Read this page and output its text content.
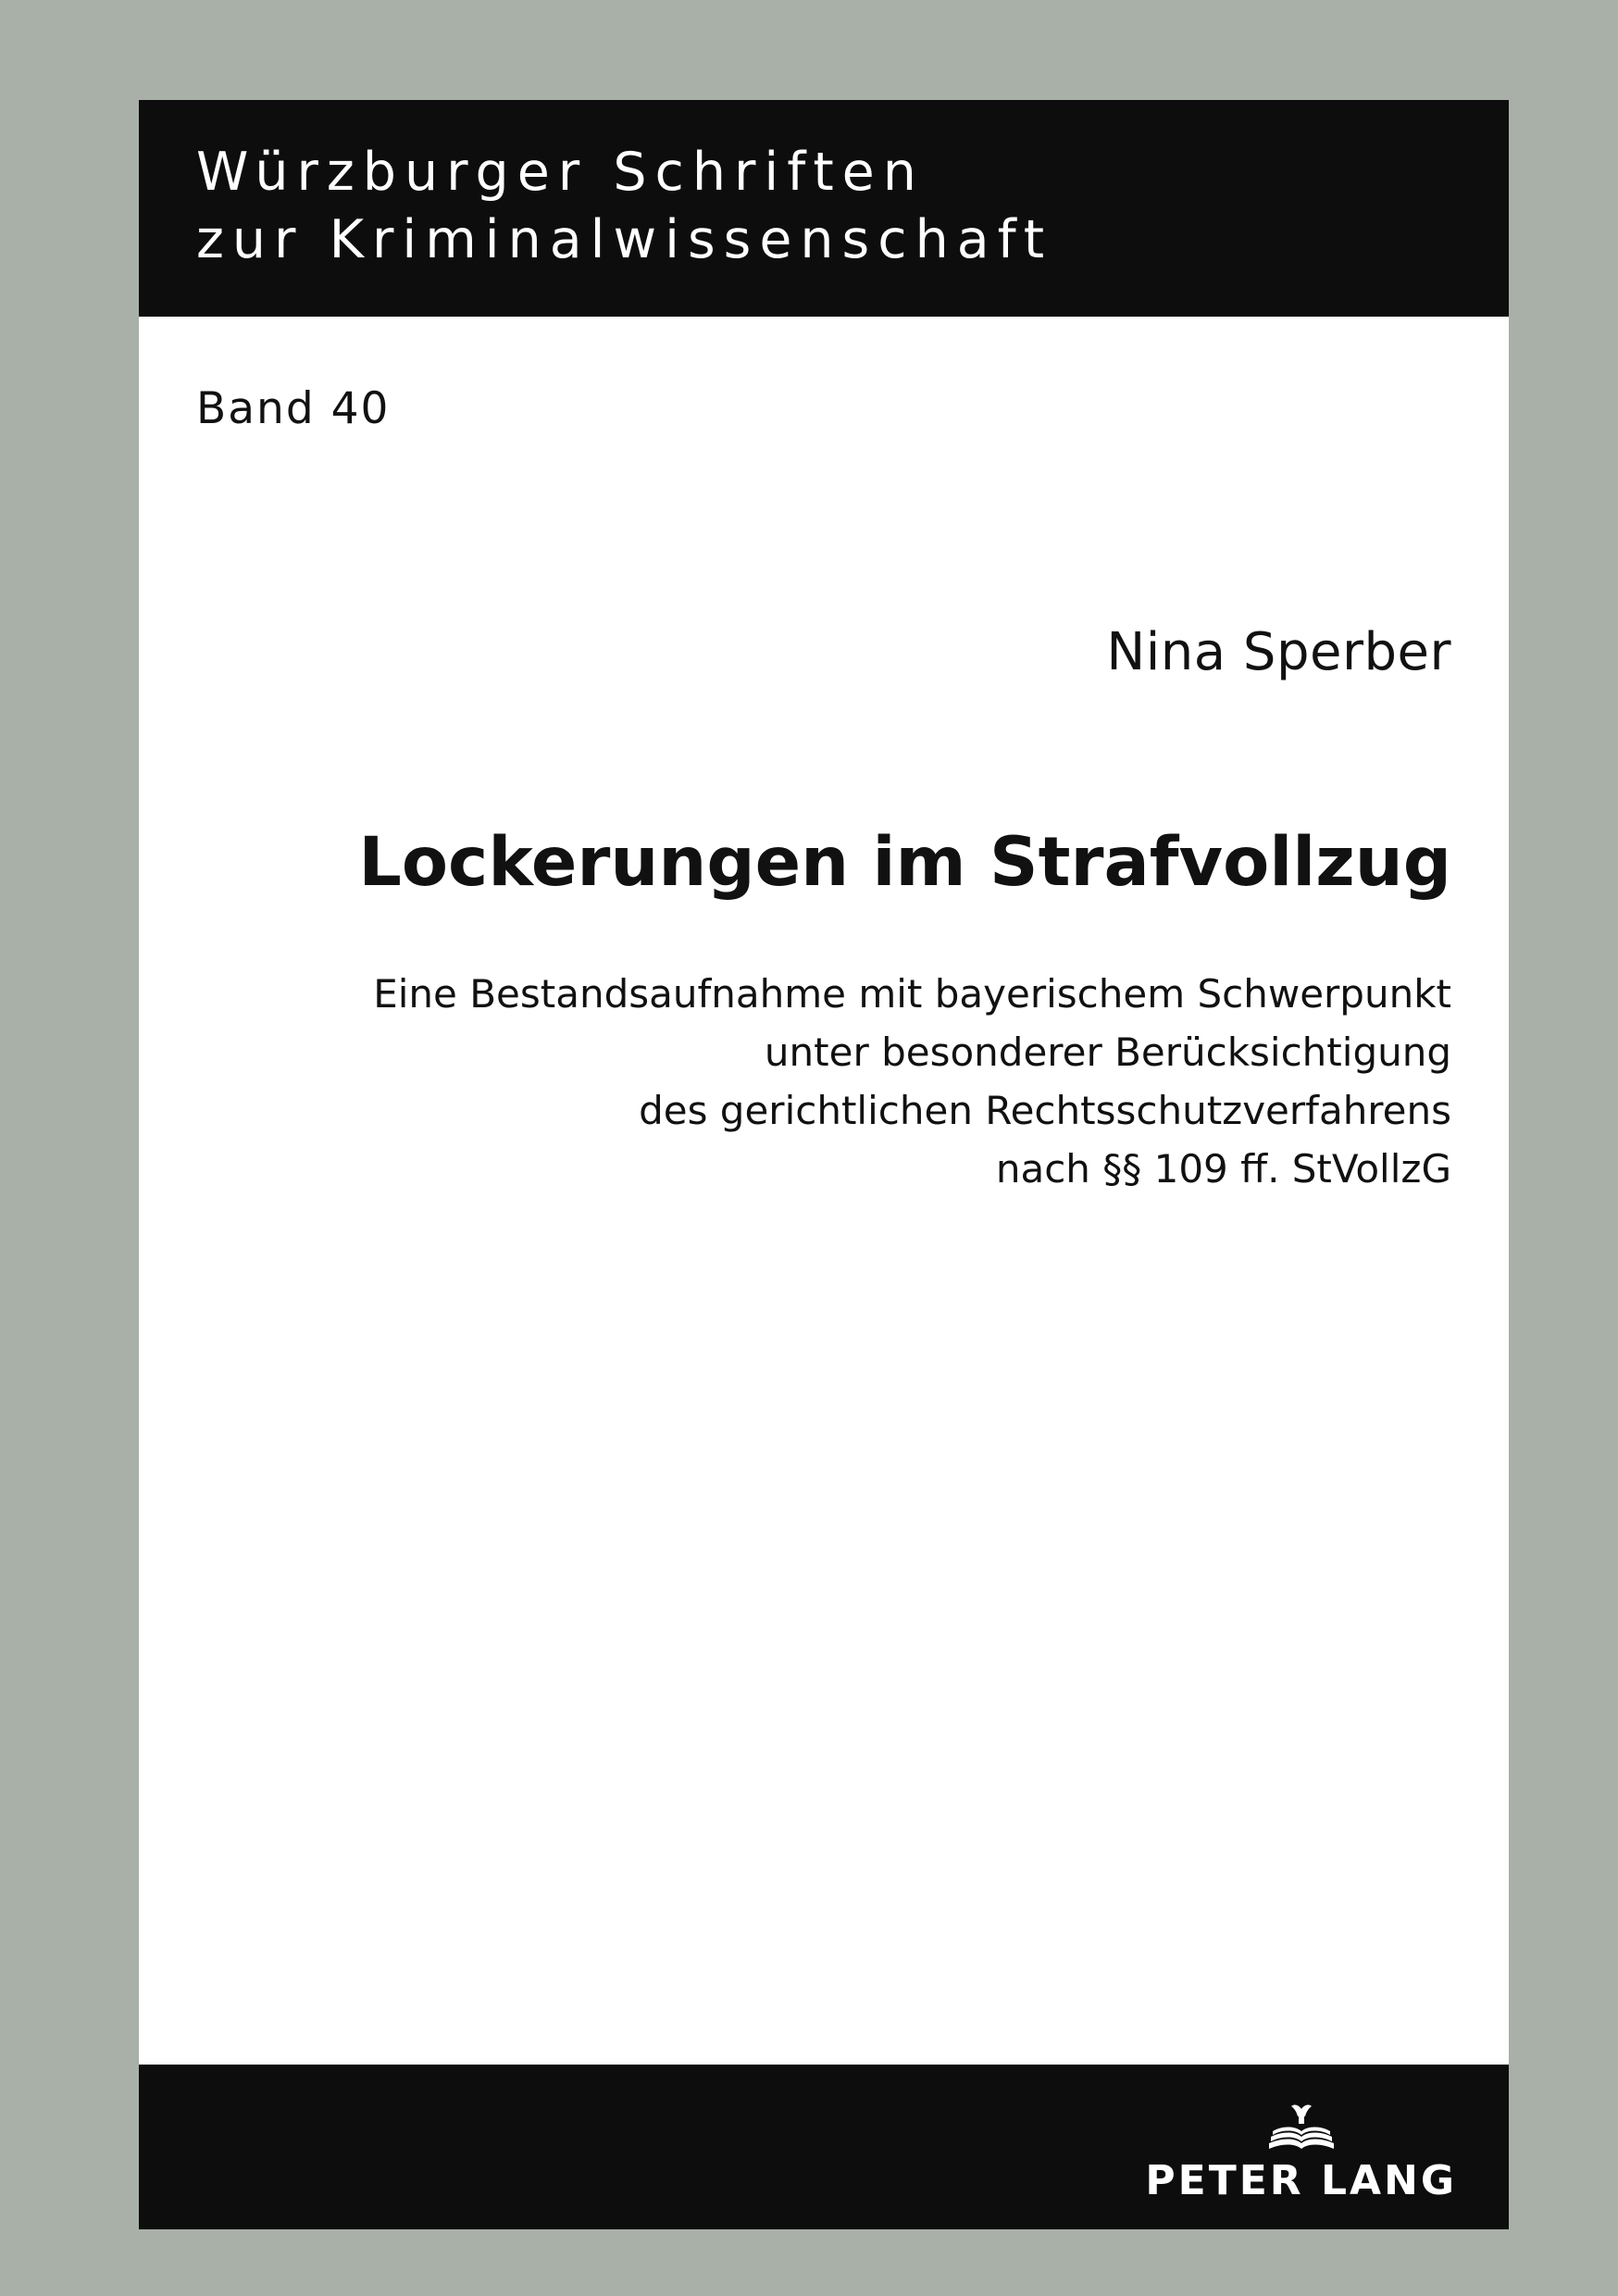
Würzburger Schriften
zur Kriminalwissenschaft
Band 40
Nina Sperber
Lockerungen im Strafvollzug
Eine Bestandsaufnahme mit bayerischem Schwerpunkt
unter besonderer Berücksichtigung
des gerichtlichen Rechtsschutzverfahrens
nach §§ 109 ff. StVollzG
PETER LANG
